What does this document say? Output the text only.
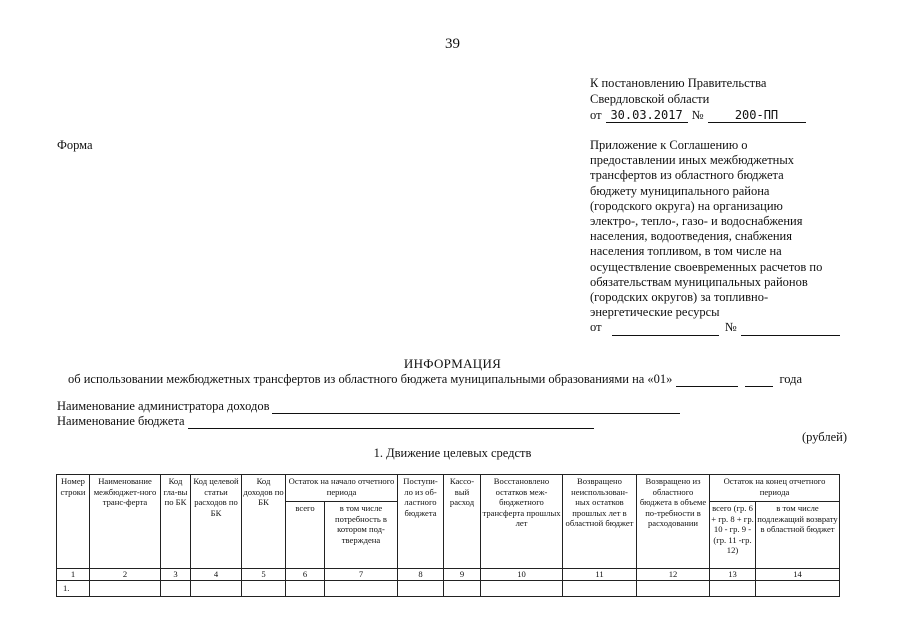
39
К постановлению Правительства
Свердловской области
от 30.03.2017 №	200-ПП
Форма	Приложение к Соглашению о
предоставлении иных межбюджетных
трансфертов из областного бюджета
бюджету муниципального района
(городского округа) на организацию
электро-, тепло-, газо- и водоснабжения
населения, водоотведения, снабжения
населения топливом, в том числе на
осуществление своевременных расчетов по
обязательствам муниципальных районов
(городских округов) за топливно-
энергетические ресурсы
от	№
ИНФОРМАЦИЯ
об использовании межбюджетных трансфертов из областного бюджета муниципальными образованиями на «01»	года
Наименование администратора доходов
Наименование бюджета
(рублей)
1. Движение целевых средств
Номер строки	Наименование межбюджет-ного транс-ферта	Код гла-вы по БК	Код целевой статьи расходов по БК	Код доходов по БК	Остаток на начало отчетного периода		Поступи-ло из об-ластного бюджета	Кассо-вый расход	Восстановлено остатков меж-бюджетного трансферта прошлых лет	Возвращено неиспользован-ных остатков прошлых лет в областной бюджет	Возвращено из областного бюджета в объеме по-требности в расходовании	Остаток на конец отчетного периода	
					всего	в том числе потребность в котором под-тверждена						всего (гр. 6 + гр. 8 + гр. 10 - гр. 9 - (гр. 11 -гр. 12)	в том числе подлежащий возврату в областной бюджет
1	2	3	4	5	6	7	8	9	10	11	12	13	14
1.													
